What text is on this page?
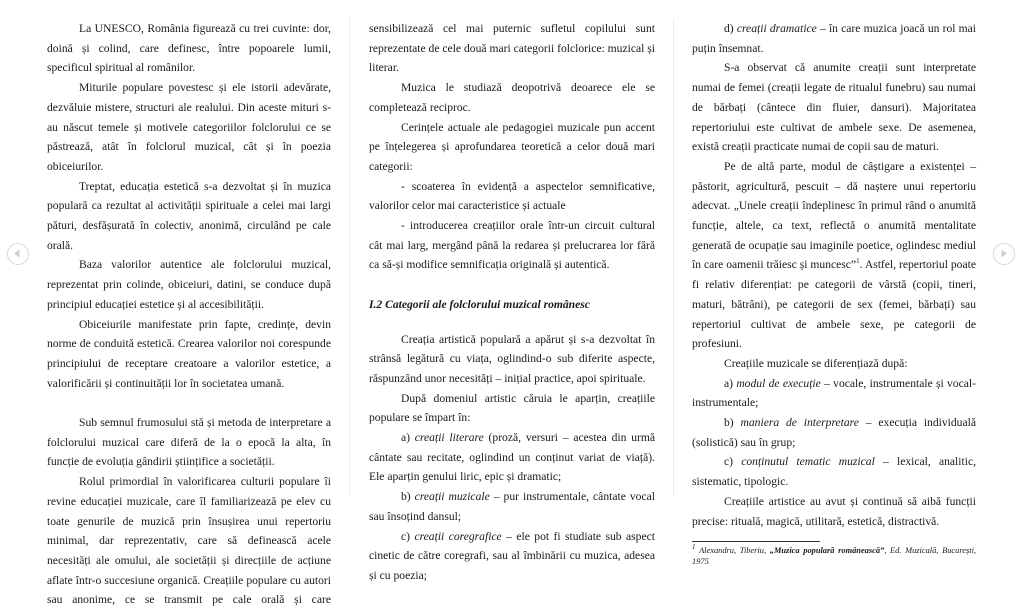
La UNESCO, România figurează cu trei cuvinte: dor, doină și colind, care definesc, între popoarele lumii, specificul spiritual al românilor.

Miturile populare povestesc și ele istorii adevărate, dezvăluie mistere, structuri ale realului. Din aceste mituri s-au născut temele și motivele categoriilor folclorului ce se păstrează, atât în folclorul muzical, cât și în poezia obiceiurilor.

Treptat, educația estetică s-a dezvoltat și în muzica populară ca rezultat al activității spirituale a celei mai largi pături, desfășurată în colectiv, anonimă, circulând pe cale orală.

Baza valorilor autentice ale folclorului muzical, reprezentat prin colinde, obiceiuri, datini, se conduce după principiul educației estetice și al accesibilității.

Obiceiurile manifestate prin fapte, credințe, devin norme de conduită estetică. Crearea valorilor noi corespunde principiului de receptare creatoare a valorilor estetice, a valorificării și continuității lor în societatea umană.

Sub semnul frumosului stă și metoda de interpretare a folclorului muzical care diferă de la o epocă la alta, în funcție de evoluția gândirii științifice a societății.

Rolul primordial în valorificarea culturii populare îi revine educației muzicale, care îl familiarizează pe elev cu toate genurile de muzică prin însușirea unui repertoriu minimal, dar reprezentativ, care să definească acele necesități ale omului, ale societății și direcțiile de acțiune aflate într-o succesiune organică. Creațiile populare cu autori sau anonime, ce se transmit pe cale orală și care

sensibilizează cel mai puternic sufletul copilului sunt reprezentate de cele două mari categorii folclorice: muzical și literar.

Muzica le studiază deopotrivă deoarece ele se completează reciproc.

Cerințele actuale ale pedagogiei muzicale pun accent pe înțelegerea și aprofundarea teoretică a celor două mari categorii:

- scoaterea în evidență a aspectelor semnificative, valorilor celor mai caracteristice și actuale

- introducerea creațiilor orale într-un circuit cultural cât mai larg, mergând până la redarea și prelucrarea lor fără ca să-și modifice semnificația originală și autentică.

I.2 Categorii ale folclorului muzical românesc

Creația artistică populară a apărut și s-a dezvoltat în strânsă legătură cu viața, oglindind-o sub diferite aspecte, răspunzând unor necesități – inițial practice, apoi spirituale.

După domeniul artistic căruia le aparțin, creațiile populare se împart în:

a) creații literare (proză, versuri – acestea din urmă cântate sau recitate, oglindind un conținut variat de viață). Ele aparțin genului liric, epic și dramatic;

b) creații muzicale – pur instrumentale, cântate vocal sau însoțind dansul;

c) creații coregrafice – ele pot fi studiate sub aspect cinetic de către coregrafi, sau al îmbinării cu muzica, adesea și cu poezia;

d) creații dramatice – în care muzica joacă un rol mai puțin însemnat.

S-a observat că anumite creații sunt interpretate numai de femei (creații legate de ritualul funebru) sau numai de bărbați (cântece din fluier, dansuri). Majoritatea repertoriului este cultivat de ambele sexe. De asemenea, există creații practicate numai de copii sau de maturi.

Pe de altă parte, modul de câștigare a existenței – păstorit, agricultură, pescuit – dă naștere unui repertoriu adecvat. „Unele creații îndeplinesc în primul rând o anumită funcție, altele, ca text, reflectă o anumită mentalitate generată de ocupație sau imaginile poetice, oglindesc mediul în care oamenii trăiesc și muncesc”$^1$. Astfel, repertoriul poate fi relativ diferențiat: pe categorii de vârstă (copii, tineri, maturi, bătrâni), pe categorii de sex (femei, bărbați) sau repertoriul cultivat de ambele sexe, pe categorii de profesiuni.

Creațiile muzicale se diferențiază după:

a) modul de execuție – vocale, instrumentale și vocal-instrumentale;

b) maniera de interpretare – execuția individuală (solistică) sau în grup;

c) conținutul tematic muzical – lexical, analitic, sistematic, tipologic.

Creațiile artistice au avut și continuă să aibă funcții precise: rituală, magică, utilitară, estetică, distractivă.

$^1$ Alexandru, Tiberiu, „Muzica populară românească”, Ed. Muzicală, București, 1975
